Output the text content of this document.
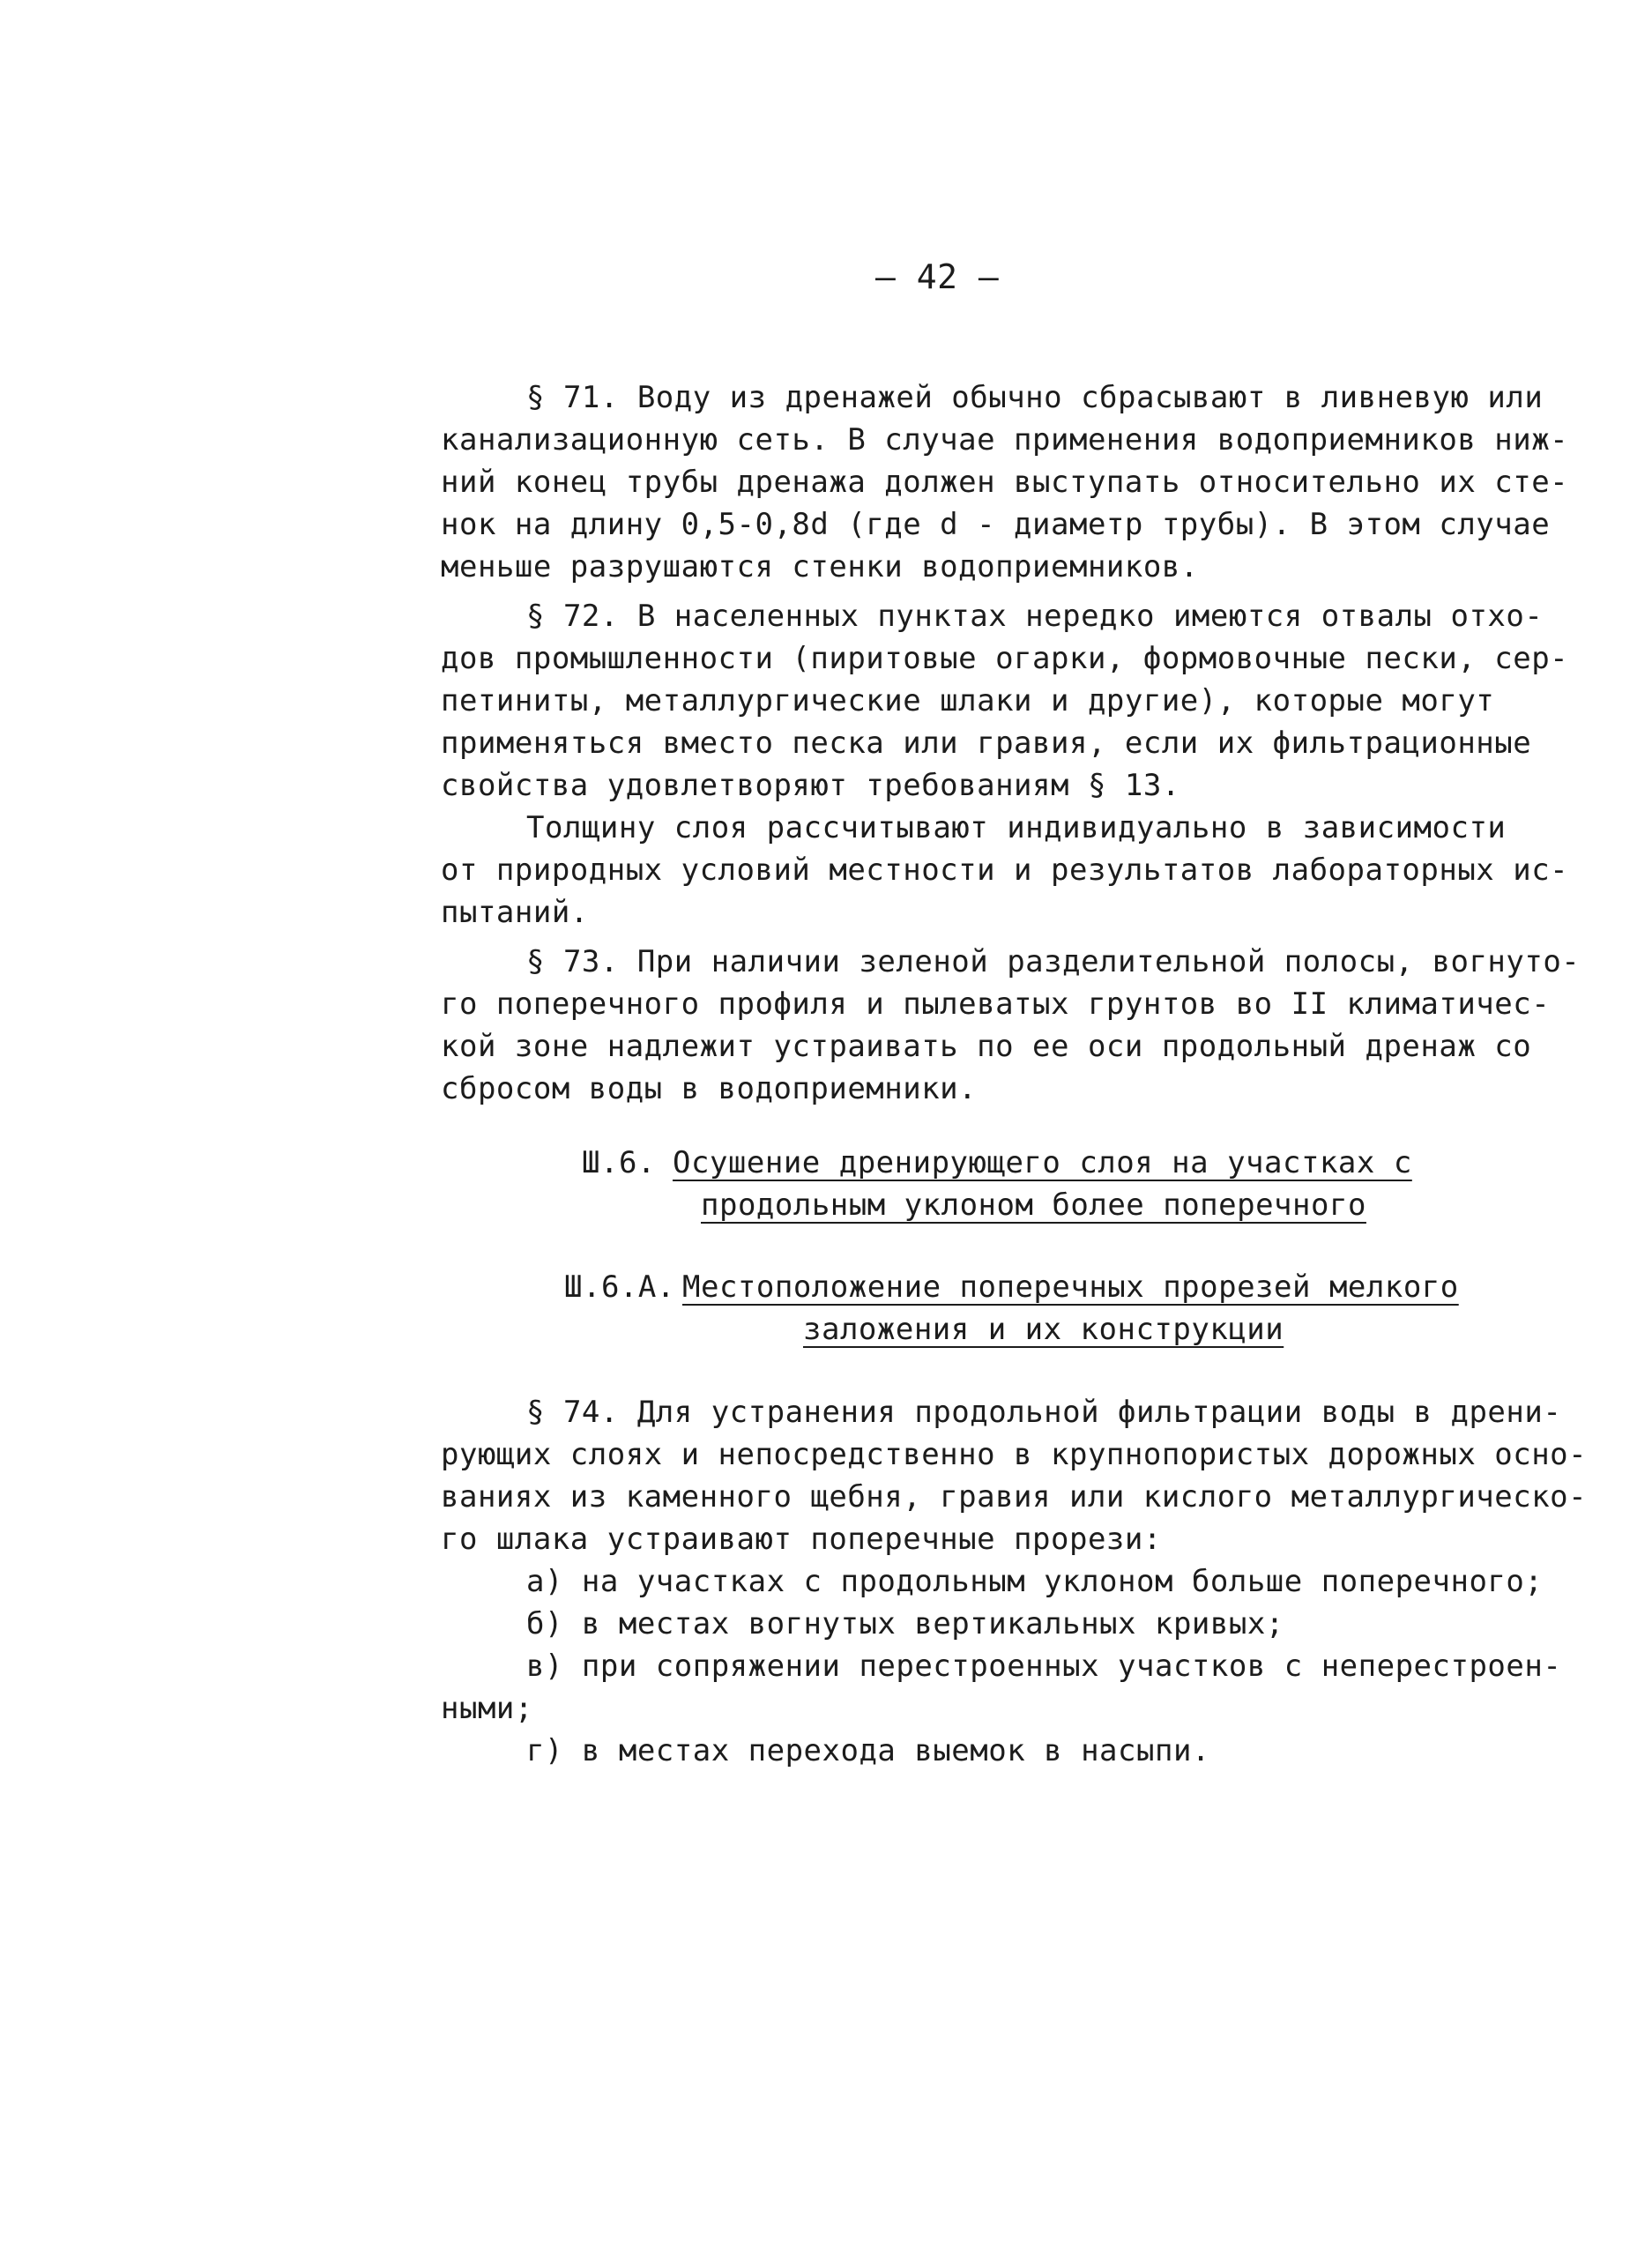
— 42 —
§ 71. Воду из дренажей обычно сбрасывают в ливневую или
канализационную сеть. В случае применения водоприемников ниж-
ний конец трубы дренажа должен выступать относительно их сте-
нок на длину 0,5-0,8d (где d - диаметр трубы). В этом случае
меньше разрушаются стенки водоприемников.
§ 72. В населенных пунктах нередко имеются отвалы отхо-
дов промышленности (пиритовые огарки, формовочные пески, сер-
петиниты, металлургические шлаки и другие), которые могут
применяться вместо песка или гравия, если их фильтрационные
свойства удовлетворяют требованиям § 13.
Толщину слоя рассчитывают индивидуально в зависимости
от природных условий местности и результатов лабораторных ис-
пытаний.
§ 73. При наличии зеленой разделительной полосы, вогнуто-
го поперечного профиля и пылеватых грунтов во II климатичес-
кой зоне надлежит устраивать по ее оси продольный дренаж со
сбросом воды в водоприемники.
Ш.6. Осушение дренирующего слоя на участках с
продольным уклоном более поперечного
Ш.6.А. Местоположение поперечных прорезей мелкого
заложения и их конструкции
§ 74. Для устранения продольной фильтрации воды в дрени-
рующих слоях и непосредственно в крупнопористых дорожных осно-
ваниях из каменного щебня, гравия или кислого металлургическо-
го шлака устраивают поперечные прорези:
а) на участках с продольным уклоном больше поперечного;
б) в местах вогнутых вертикальных кривых;
в) при сопряжении перестроенных участков с неперестроен-
ными;
г) в местах перехода выемок в насыпи.
